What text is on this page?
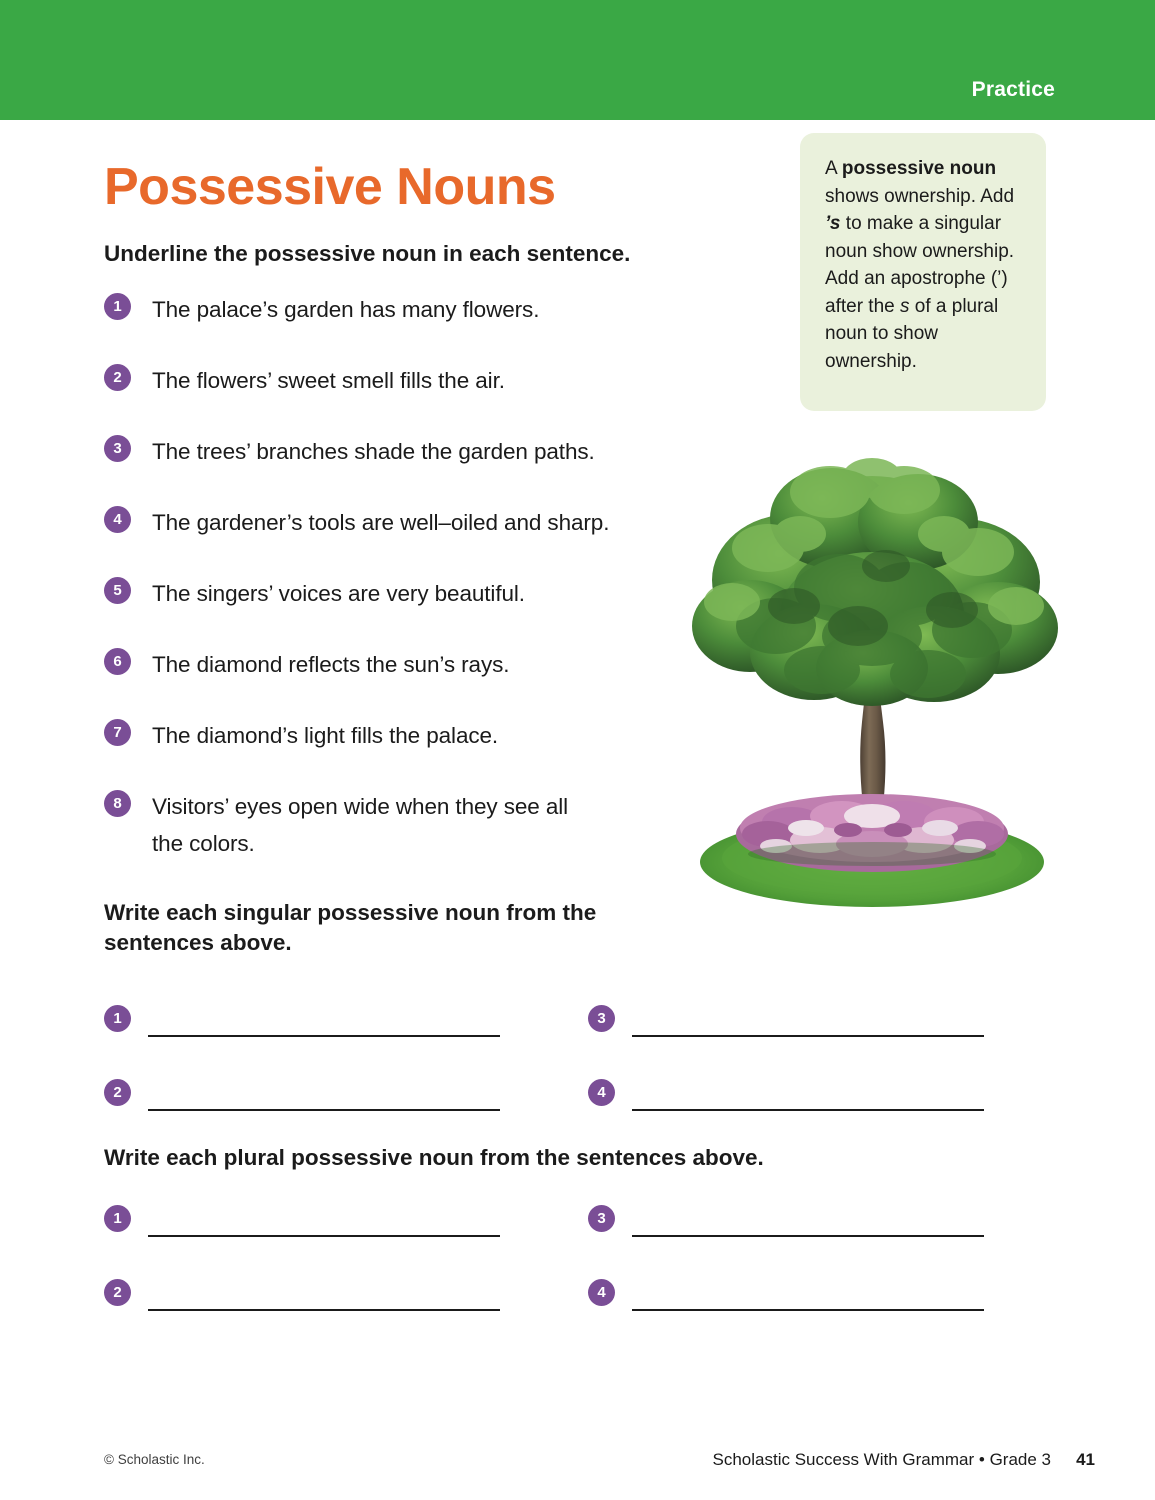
Practice
Possessive Nouns
Underline the possessive noun in each sentence.
A possessive noun shows ownership. Add ’s to make a singular noun show ownership. Add an apostrophe (’) after the s of a plural noun to show ownership.
1	The palace’s garden has many flowers.
2	The flowers’ sweet smell fills the air.
3	The trees’ branches shade the garden paths.
4	The gardener’s tools are well–oiled and sharp.
5	The singers’ voices are very beautiful.
6	The diamond reflects the sun’s rays.
7	The diamond’s light fills the palace.
8	Visitors’ eyes open wide when they see all the colors.
Write each singular possessive noun from the sentences above.
1	3
2	4
Write each plural possessive noun from the sentences above.
1	3
2	4
© Scholastic Inc.	Scholastic Success With Grammar • Grade 3 41
